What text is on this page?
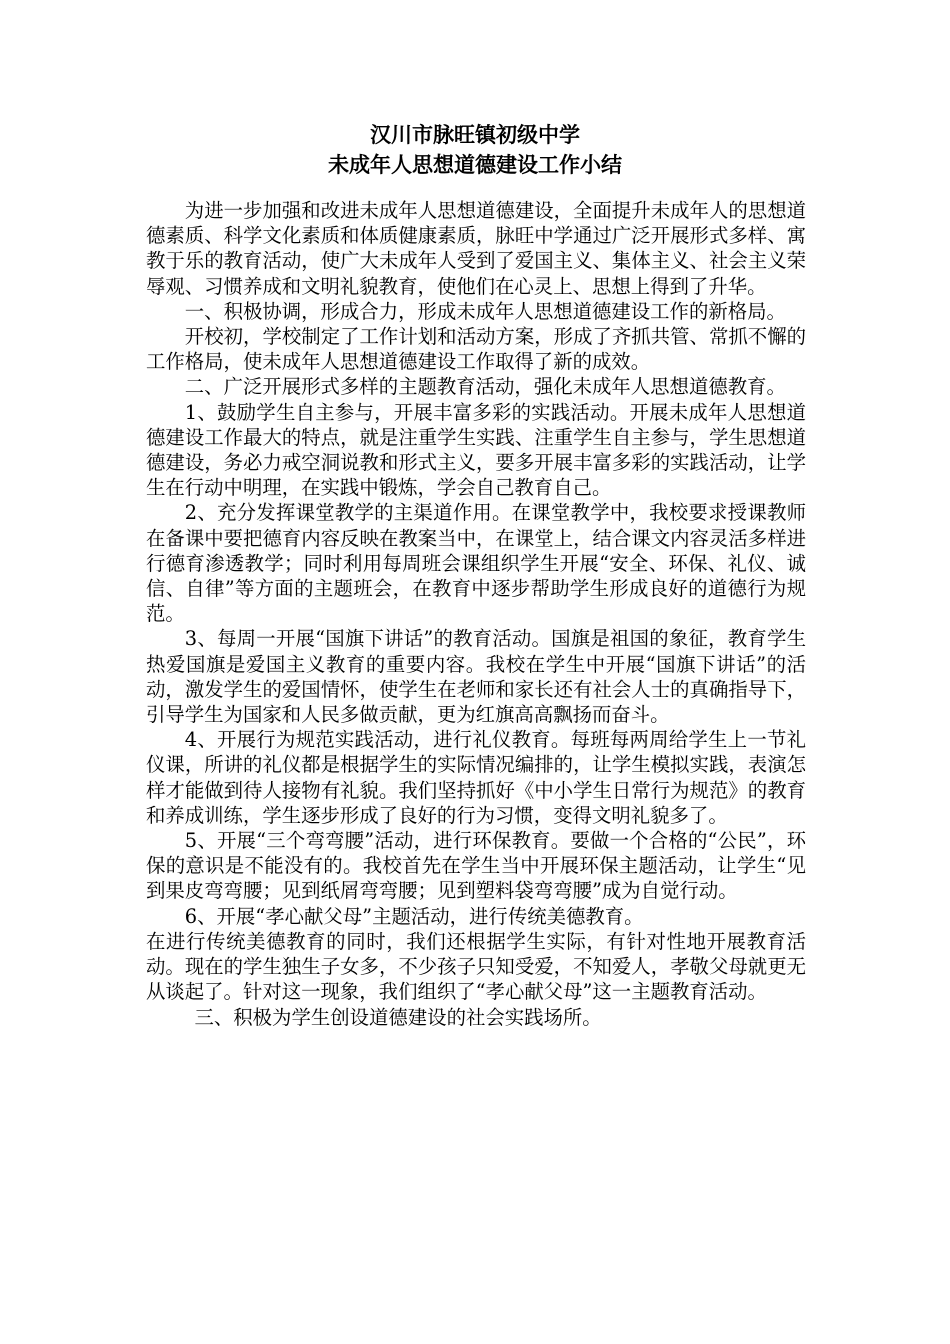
汉川市脉旺镇初级中学
未成年人思想道德建设工作小结

为进一步加强和改进未成年人思想道德建设，全面提升未成年人的思想道德素质、科学文化素质和体质健康素质，脉旺中学通过广泛开展形式多样、寓教于乐的教育活动，使广大未成年人受到了爱国主义、集体主义、社会主义荣辱观、习惯养成和文明礼貌教育，使他们在心灵上、思想上得到了升华。

一、积极协调，形成合力，形成未成年人思想道德建设工作的新格局。

开校初，学校制定了工作计划和活动方案，形成了齐抓共管、常抓不懈的工作格局，使未成年人思想道德建设工作取得了新的成效。

二、广泛开展形式多样的主题教育活动，强化未成年人思想道德教育。

1、鼓励学生自主参与，开展丰富多彩的实践活动。开展未成年人思想道德建设工作最大的特点，就是注重学生实践、注重学生自主参与，学生思想道德建设，务必力戒空洞说教和形式主义，要多开展丰富多彩的实践活动，让学生在行动中明理，在实践中锻炼，学会自己教育自己。

2、充分发挥课堂教学的主渠道作用。在课堂教学中，我校要求授课教师在备课中要把德育内容反映在教案当中，在课堂上，结合课文内容灵活多样进行德育渗透教学；同时利用每周班会课组织学生开展“安全、环保、礼仪、诚信、自律”等方面的主题班会，在教育中逐步帮助学生形成良好的道德行为规范。

3、每周一开展“国旗下讲话”的教育活动。国旗是祖国的象征，教育学生热爱国旗是爱国主义教育的重要内容。我校在学生中开展“国旗下讲话”的活动，激发学生的爱国情怀，使学生在老师和家长还有社会人士的真确指导下，引导学生为国家和人民多做贡献，更为红旗高高飘扬而奋斗。

4、开展行为规范实践活动，进行礼仪教育。每班每两周给学生上一节礼仪课，所讲的礼仪都是根据学生的实际情况编排的，让学生模拟实践，表演怎样才能做到待人接物有礼貌。我们坚持抓好《中小学生日常行为规范》的教育和养成训练，学生逐步形成了良好的行为习惯，变得文明礼貌多了。

5、开展“三个弯弯腰”活动，进行环保教育。要做一个合格的“公民”，环保的意识是不能没有的。我校首先在学生当中开展环保主题活动，让学生“见到果皮弯弯腰；见到纸屑弯弯腰；见到塑料袋弯弯腰”成为自觉行动。

6、开展“孝心献父母”主题活动，进行传统美德教育。

在进行传统美德教育的同时，我们还根据学生实际，有针对性地开展教育活动。现在的学生独生子女多，不少孩子只知受爱，不知爱人，孝敬父母就更无从谈起了。针对这一现象，我们组织了“孝心献父母”这一主题教育活动。

三、积极为学生创设道德建设的社会实践场所。
